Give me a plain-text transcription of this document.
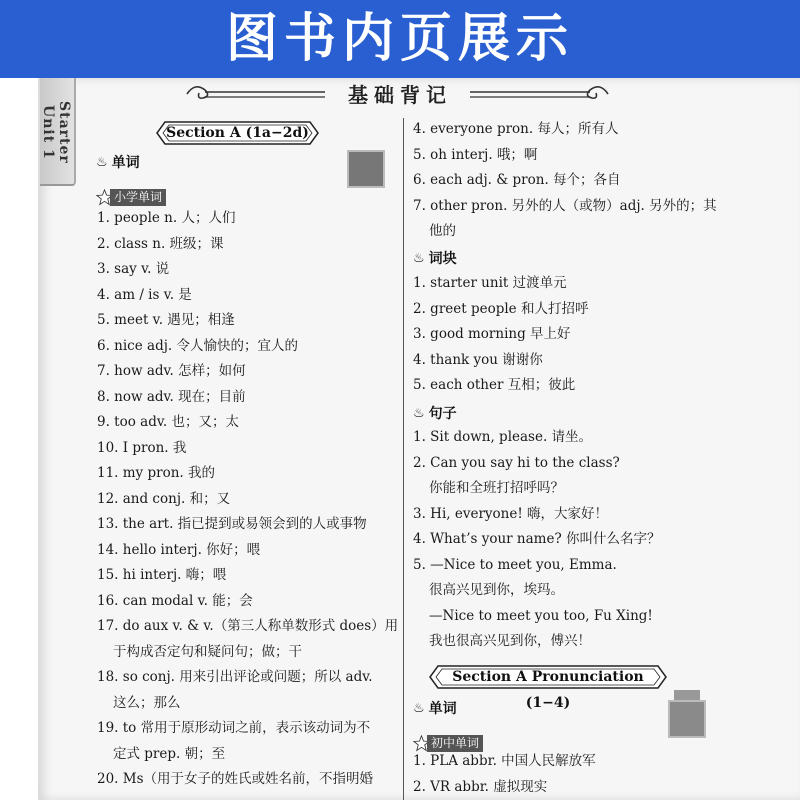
图书内页展示
Starter Unit 1
基础背记
Section A (1a−2d)
♨ 单词
小学单词
1. people n. 人；人们
2. class n. 班级；课
3. say v. 说
4. am / is v. 是
5. meet v. 遇见；相逢
6. nice adj. 令人愉快的；宜人的
7. how adv. 怎样；如何
8. now adv. 现在；目前
9. too adv. 也；又；太
10. I pron. 我
11. my pron. 我的
12. and conj. 和；又
13. the art. 指已提到或易领会到的人或事物
14. hello interj. 你好；喂
15. hi interj. 嗨；喂
16. can modal v. 能；会
17. do aux v. & v.（第三人称单数形式 does）用
于构成否定句和疑问句；做；干
18. so conj. 用来引出评论或问题；所以 adv.
这么；那么
19. to 常用于原形动词之前，表示该动词为不
定式 prep. 朝；至
20. Ms（用于女子的姓氏或姓名前，不指明婚
4. everyone pron. 每人；所有人
5. oh interj. 哦；啊
6. each adj. & pron. 每个；各自
7. other pron. 另外的人（或物）adj. 另外的；其
他的
♨ 词块
1. starter unit 过渡单元
2. greet people 和人打招呼
3. good morning 早上好
4. thank you 谢谢你
5. each other 互相；彼此
♨ 句子
1. Sit down, please. 请坐。
2. Can you say hi to the class?
你能和全班打招呼吗？
3. Hi, everyone! 嗨，大家好！
4. What’s your name? 你叫什么名字？
5. —Nice to meet you, Emma.
很高兴见到你，埃玛。
—Nice to meet you too, Fu Xing!
我也很高兴见到你，傅兴！
Section A Pronunciation (1−4)
♨ 单词
初中单词
1. PLA abbr. 中国人民解放军
2. VR abbr. 虚拟现实
